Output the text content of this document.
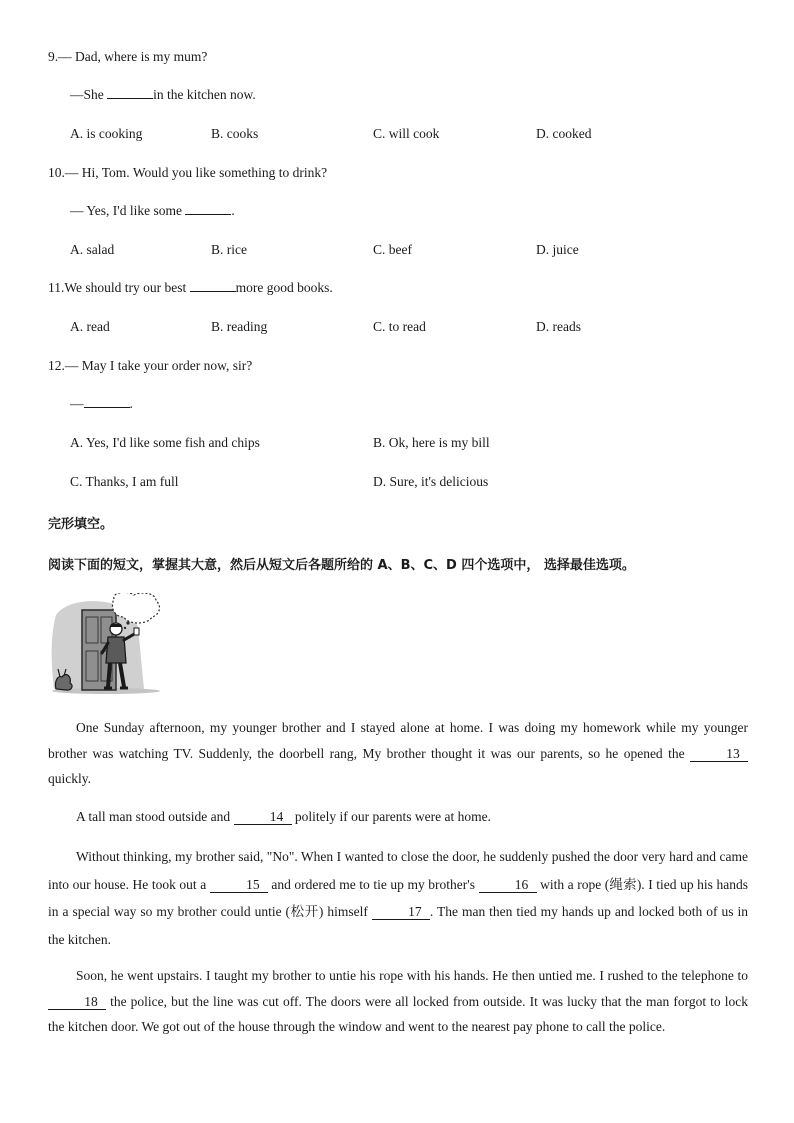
9.— Dad, where is my mum?
—She	in the kitchen now.
A. is cooking	B. cooks	C. will cook	D. cooked
10.— Hi, Tom. Would you like something to drink?
— Yes, I'd like some	.
A. salad	B. rice	C. beef	D. juice
11.We should try our best	more good books.
A. read	B. reading	C. to read	D. reads
12.— May I take your order now, sir?
—	.
A. Yes, I'd like some fish and chips	B. Ok, here is my bill
C. Thanks, I am full	D. Sure, it's delicious
完形填空。
阅读下面的短文，掌握其大意，然后从短文后各题所给的 A、B、C、D 四个选项中， 选择最佳选项。
One Sunday afternoon, my younger brother and I stayed alone at home. I was doing my homework while my younger brother was watching TV. Suddenly, the doorbell rang, My brother thought it was our parents, so he opened the	13 quickly.
A tall man stood outside and	14 politely if our parents were at home.
Without thinking, my brother said, "No". When I wanted to close the door, he suddenly pushed the door very hard and came into our house. He took out a	15 and ordered me to tie up my brother's	16 with a rope (绳索). I tied up his hands in a special way so my brother could untie (松开) himself	17 . The man then tied my hands up and locked both of us in the kitchen.
Soon, he went upstairs. I taught my brother to untie his rope with his hands. He then untied me. I rushed to the telephone to 18 the police, but the line was cut off. The doors were all locked from outside. It was lucky that the man forgot to lock the kitchen door. We got out of the house through the window and went to the nearest pay phone to call the police.
